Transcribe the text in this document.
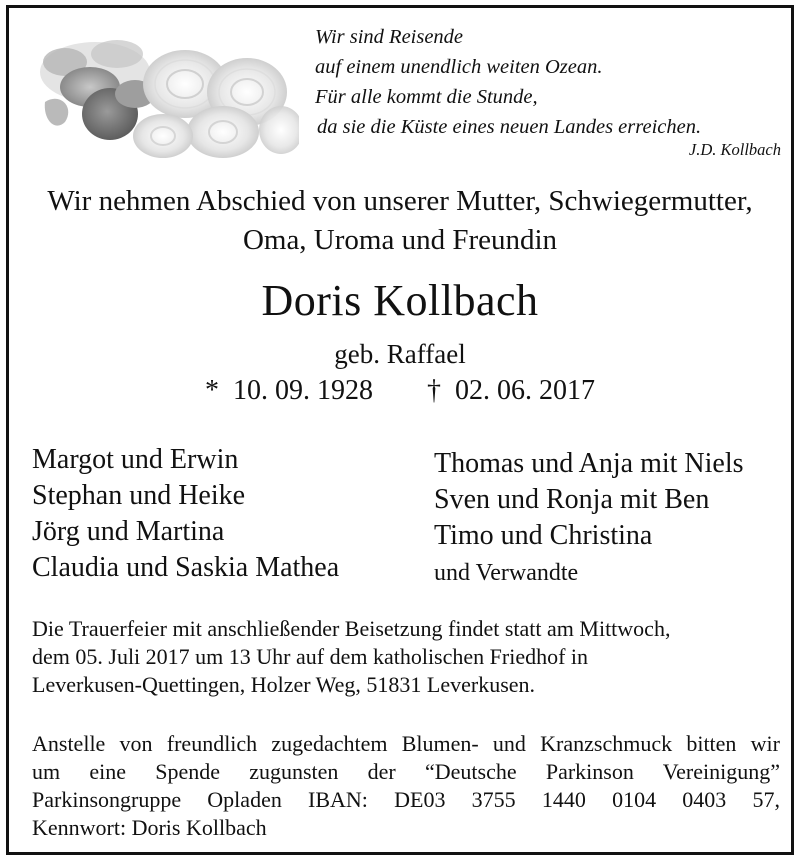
Wir sind Reisende
auf einem unendlich weiten Ozean.
Für alle kommt die Stunde,
da sie die Küste eines neuen Landes erreichen.
J.D. Kollbach
Wir nehmen Abschied von unserer Mutter, Schwiegermutter,
Oma, Uroma und Freundin
Doris Kollbach
geb. Raffael
* 10. 09. 1928 † 02. 06. 2017
Margot und Erwin
Stephan und Heike
Jörg und Martina
Claudia und Saskia Mathea
Thomas und Anja mit Niels
Sven und Ronja mit Ben
Timo und Christina
und Verwandte
Die Trauerfeier mit anschließender Beisetzung findet statt am Mittwoch,
dem 05. Juli 2017 um 13 Uhr auf dem katholischen Friedhof in
Leverkusen-Quettingen, Holzer Weg, 51831 Leverkusen.
Anstelle von freundlich zugedachtem Blumen- und Kranzschmuck bitten wir
um eine Spende zugunsten der “Deutsche Parkinson Vereinigung”
Parkinsongruppe Opladen IBAN: DE03 3755 1440 0104 0403 57,
Kennwort: Doris Kollbach
